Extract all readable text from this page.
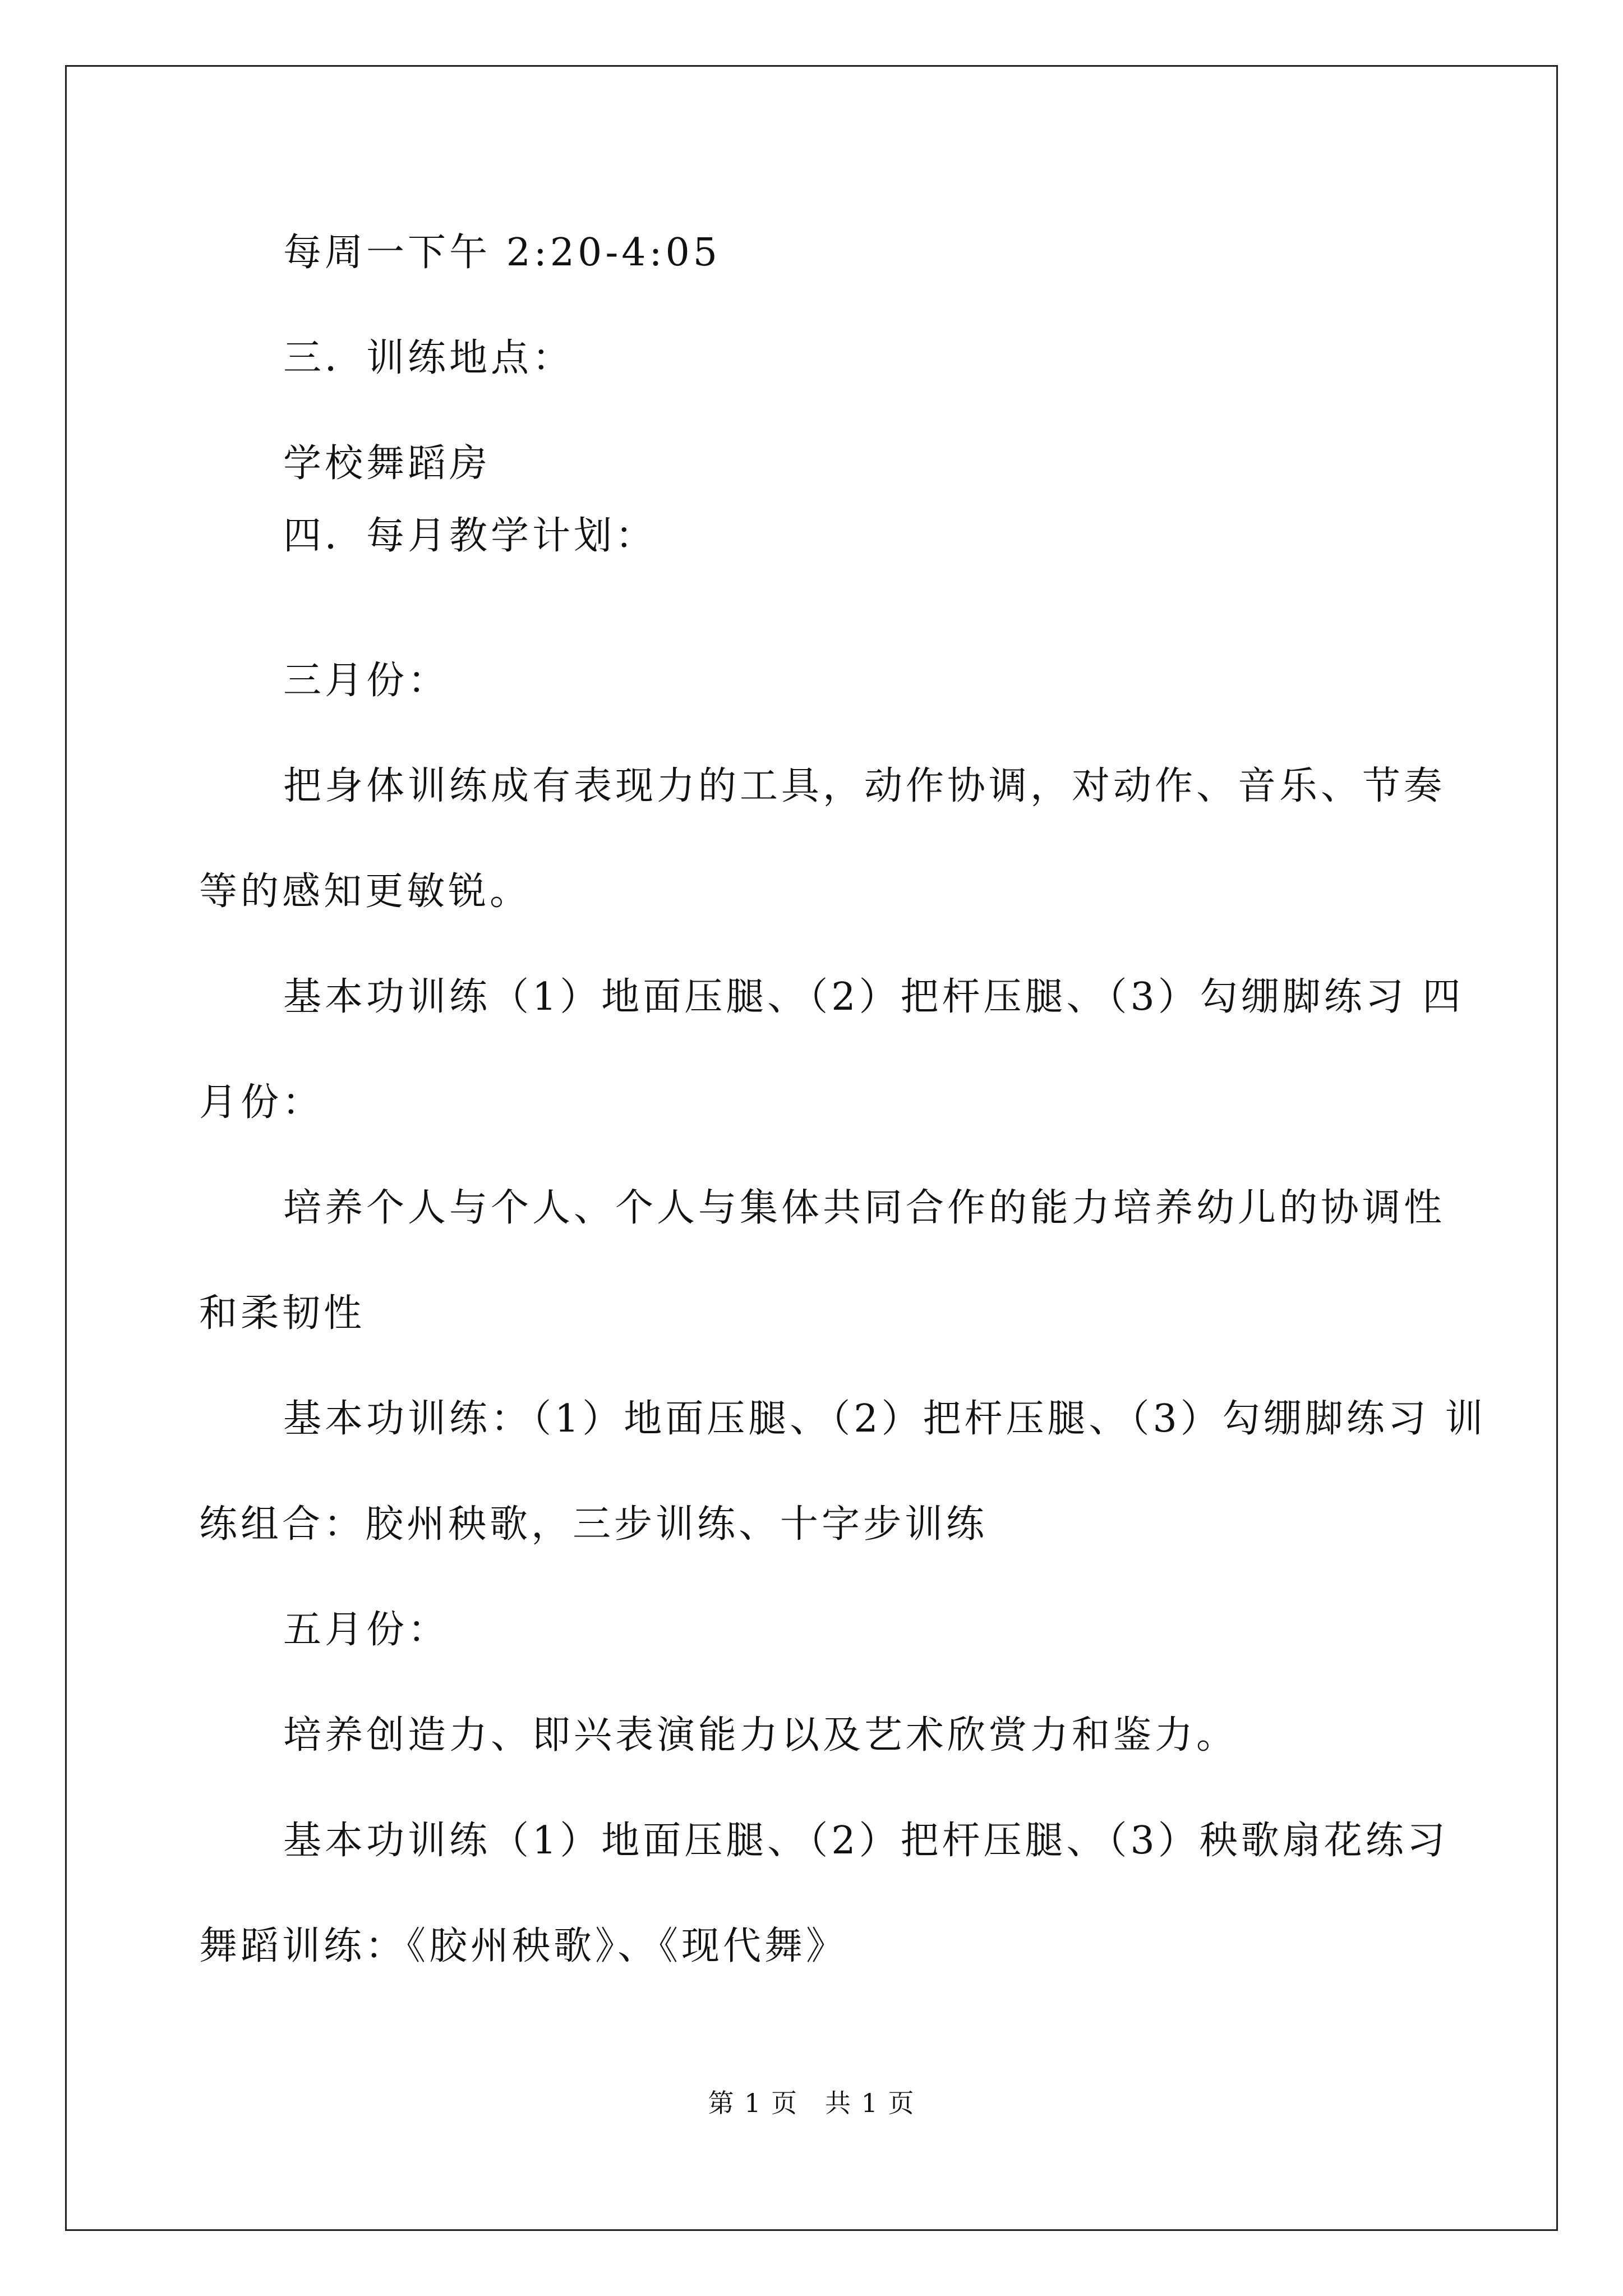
每周一下午 2:20-4:05
三．训练地点：
学校舞蹈房
四．每月教学计划：
三月份：
把身体训练成有表现力的工具，动作协调，对动作、音乐、节奏
等的感知更敏锐。
基本功训练（1）地面压腿、（2）把杆压腿、（3）勾绷脚练习 四
月份：
培养个人与个人、个人与集体共同合作的能力培养幼儿的协调性
和柔韧性
基本功训练：（1）地面压腿、（2）把杆压腿、（3）勾绷脚练习 训
练组合：胶州秧歌，三步训练、十字步训练
五月份：
培养创造力、即兴表演能力以及艺术欣赏力和鉴力。
基本功训练（1）地面压腿、（2）把杆压腿、（3）秧歌扇花练习
舞蹈训练：《胶州秧歌》、《现代舞》
第 1 页　共 1 页
